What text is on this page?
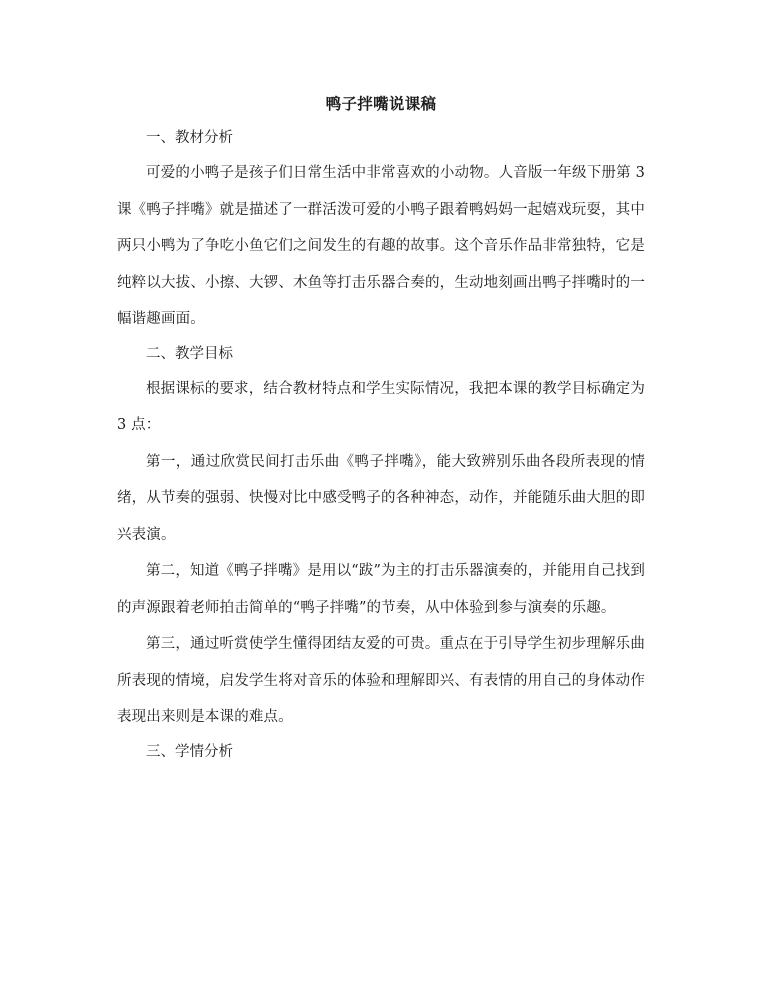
鸭子拌嘴说课稿
一、教材分析
可爱的小鸭子是孩子们日常生活中非常喜欢的小动物。人音版一年级下册第 3 课《鸭子拌嘴》就是描述了一群活泼可爱的小鸭子跟着鸭妈妈一起嬉戏玩耍，其中两只小鸭为了争吃小鱼它们之间发生的有趣的故事。这个音乐作品非常独特，它是纯粹以大拔、小擦、大锣、木鱼等打击乐器合奏的，生动地刻画出鸭子拌嘴时的一幅谐趣画面。
二、教学目标
根据课标的要求，结合教材特点和学生实际情况，我把本课的教学目标确定为 3 点：
第一，通过欣赏民间打击乐曲《鸭子拌嘴》，能大致辨别乐曲各段所表现的情绪，从节奏的强弱、快慢对比中感受鸭子的各种神态，动作，并能随乐曲大胆的即兴表演。
第二，知道《鸭子拌嘴》是用以“跋”为主的打击乐器演奏的，并能用自己找到的声源跟着老师拍击简单的“鸭子拌嘴”的节奏，从中体验到参与演奏的乐趣。
第三，通过听赏使学生懂得团结友爱的可贵。重点在于引导学生初步理解乐曲所表现的情境，启发学生将对音乐的体验和理解即兴、有表情的用自己的身体动作表现出来则是本课的难点。
三、学情分析
